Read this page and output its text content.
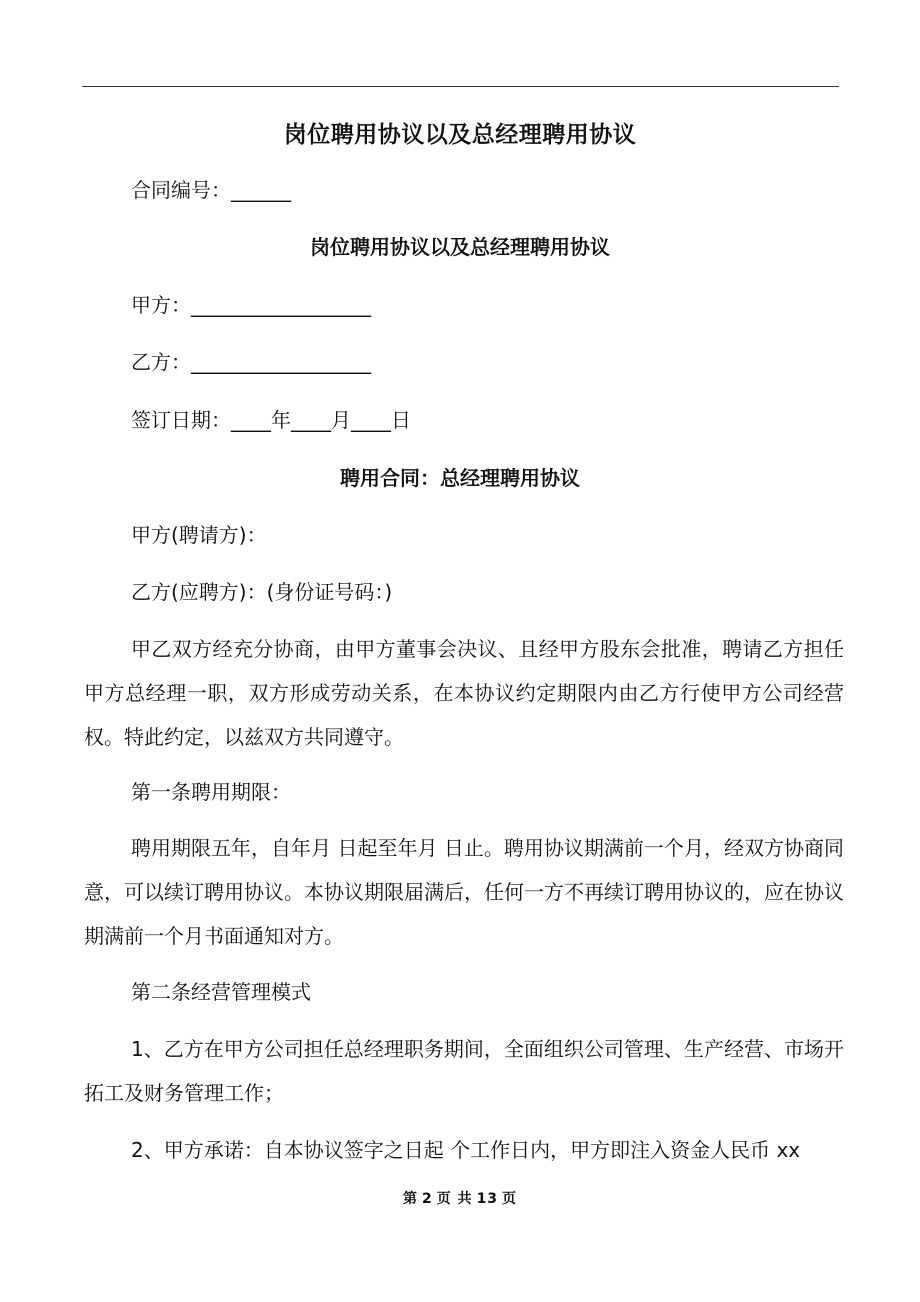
岗位聘用协议以及总经理聘用协议
合同编号：______
岗位聘用协议以及总经理聘用协议
甲方：__________________
乙方：__________________
签订日期：____年____月____日
聘用合同：总经理聘用协议
甲方(聘请方)：
乙方(应聘方)：(身份证号码：)
甲乙双方经充分协商，由甲方董事会决议、且经甲方股东会批准，聘请乙方担任甲方总经理一职，双方形成劳动关系，在本协议约定期限内由乙方行使甲方公司经营权。特此约定，以兹双方共同遵守。
第一条聘用期限：
聘用期限五年，自年月 日起至年月 日止。聘用协议期满前一个月，经双方协商同意，可以续订聘用协议。本协议期限届满后，任何一方不再续订聘用协议的，应在协议期满前一个月书面通知对方。
第二条经营管理模式
1、乙方在甲方公司担任总经理职务期间，全面组织公司管理、生产经营、市场开拓工及财务管理工作；
2、甲方承诺：自本协议签字之日起 个工作日内，甲方即注入资金人民币 xx
第 2 页 共 13 页
